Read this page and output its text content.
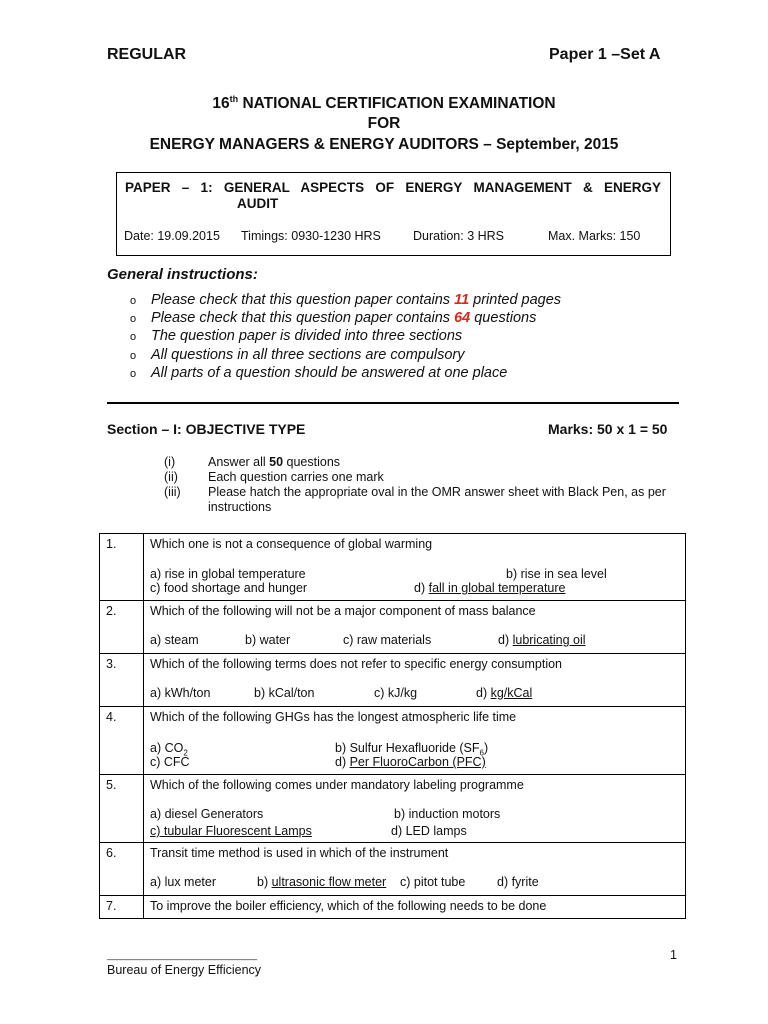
REGULAR	Paper 1 –Set A
16th NATIONAL CERTIFICATION EXAMINATION
FOR
ENERGY MANAGERS & ENERGY AUDITORS – September, 2015
PAPER – 1: GENERAL ASPECTS OF ENERGY MANAGEMENT & ENERGY
AUDIT
Date: 19.09.2015 Timings: 0930-1230 HRS	Duration: 3 HRS	Max. Marks: 150
General instructions:
o Please check that this question paper contains 11 printed pages
o Please check that this question paper contains 64 questions
o The question paper is divided into three sections
o All questions in all three sections are compulsory
o All parts of a question should be answered at one place
Section – I: OBJECTIVE TYPE	Marks: 50 x 1 = 50
(i)	Answer all 50 questions
(ii) Each question carries one mark
(iii) Please hatch the appropriate oval in the OMR answer sheet with Black Pen, as per
instructions
1.	Which one is not a consequence of global warming
a) rise in global temperature b) rise in sea level
c) food shortage and hunger d) fall in global temperature

2.	Which of the following will not be a major component of mass balance
a) steam b) water c) raw materials d) lubricating oil

3.	Which of the following terms does not refer to specific energy consumption
a) kWh/ton b) kCal/ton c) kJ/kg d) kg/kCal

4.	Which of the following GHGs has the longest atmospheric life time
a) $CO_2$ b) Sulfur Hexafluoride $(SF_6)$
c) CFC d) Per FluoroCarbon (PFC)

5.	Which of the following comes under mandatory labeling programme
a) diesel Generators b) induction motors
c) tubular Fluorescent Lamps d) LED lamps

6.	Transit time method is used in which of the instrument
a) lux meter b) ultrasonic flow meter c) pitot tube d) fyrite

7.	To improve the boiler efficiency, which of the following needs to be done
1
______________________________
Bureau of Energy Efficiency
